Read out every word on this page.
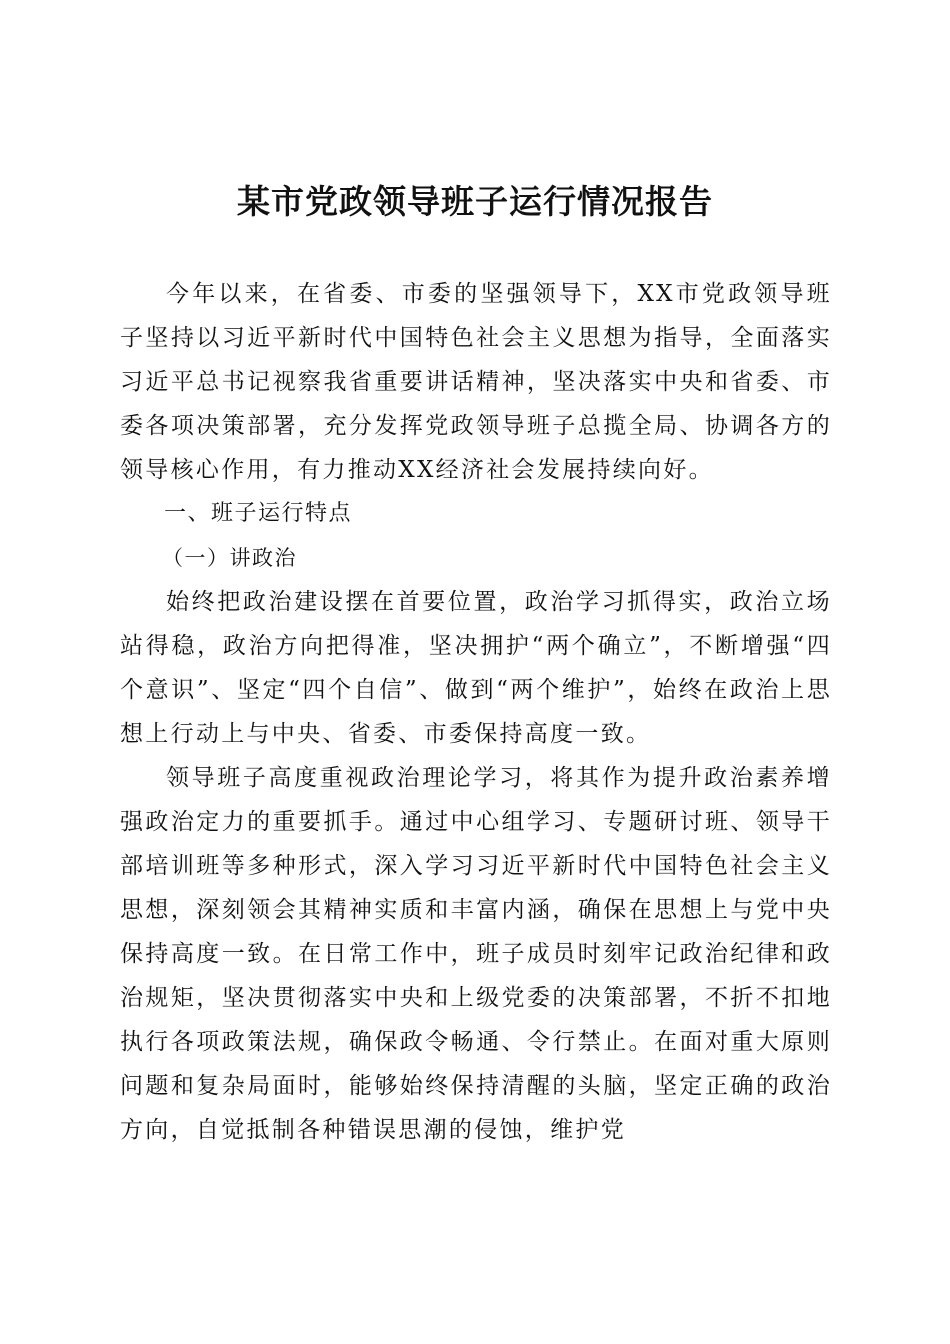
某市党政领导班子运行情况报告

今年以来，在省委、市委的坚强领导下，XX市党政领导班子坚持以习近平新时代中国特色社会主义思想为指导，全面落实习近平总书记视察我省重要讲话精神，坚决落实中央和省委、市委各项决策部署，充分发挥党政领导班子总揽全局、协调各方的领导核心作用，有力推动XX经济社会发展持续向好。

一、班子运行特点

（一）讲政治

始终把政治建设摆在首要位置，政治学习抓得实，政治立场站得稳，政治方向把得准，坚决拥护“两个确立”，不断增强“四个意识”、坚定“四个自信”、做到“两个维护”，始终在政治上思想上行动上与中央、省委、市委保持高度一致。

领导班子高度重视政治理论学习，将其作为提升政治素养增强政治定力的重要抓手。通过中心组学习、专题研讨班、领导干部培训班等多种形式，深入学习习近平新时代中国特色社会主义思想，深刻领会其精神实质和丰富内涵，确保在思想上与党中央保持高度一致。在日常工作中，班子成员时刻牢记政治纪律和政治规矩，坚决贯彻落实中央和上级党委的决策部署，不折不扣地执行各项政策法规，确保政令畅通、令行禁止。在面对重大原则问题和复杂局面时，能够始终保持清醒的头脑，坚定正确的政治方向，自觉抵制各种错误思潮的侵蚀，维护党
